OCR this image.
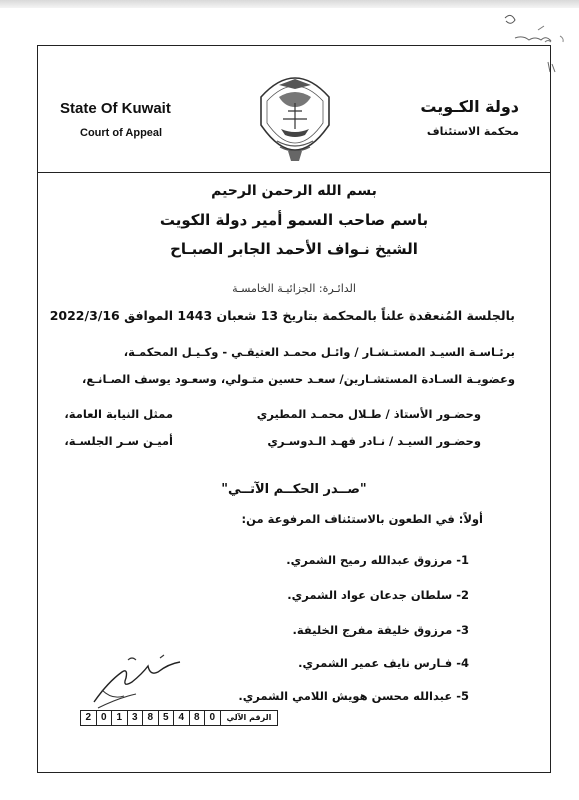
State Of Kuwait
Court of Appeal
دولة الكـويت
محكمة الاستئناف
بسم الله الرحمن الرحيم
باسم صاحب السمو أمير دولة الكويت
الشيخ نـواف الأحمد الجابر الصبـاح
الدائـرة: الجزائيـة الخامسـة
بالجلسة المُنعقدة علناً بالمحكمة بتاريخ 13 شعبان 1443 الموافق 2022/3/16
برئـاسـة السيـد المستـشـار / وائـل محمـد العتيقـي - وكـيـل المحكمـة،
وعضويـة السـادة المستشـارين/ سعـد حسين متـولي، وسعـود يوسف الصـانـع،
وحضـور الأستاذ / طـلال محمـد المطيري
ممثل النيابة العامة،
وحضـور السيـد / نـادر فهـد الـدوسـري
أميـن سـر الجلسـة،
"صــدر الحكــم الآتــي"
أولاً: في الطعون بالاستئناف المرفوعة من:
1- مرزوق عبدالله رميح الشمري.
2- سلطان جدعان عواد الشمري.
3- مرزوق خليفة مفرج الخليفة.
4- فـارس نايف عمير الشمري.
5- عبدالله محسن هويش اللامي الشمري.
2 0 1 3 8 5 4 8 0	الرقم الآلي
